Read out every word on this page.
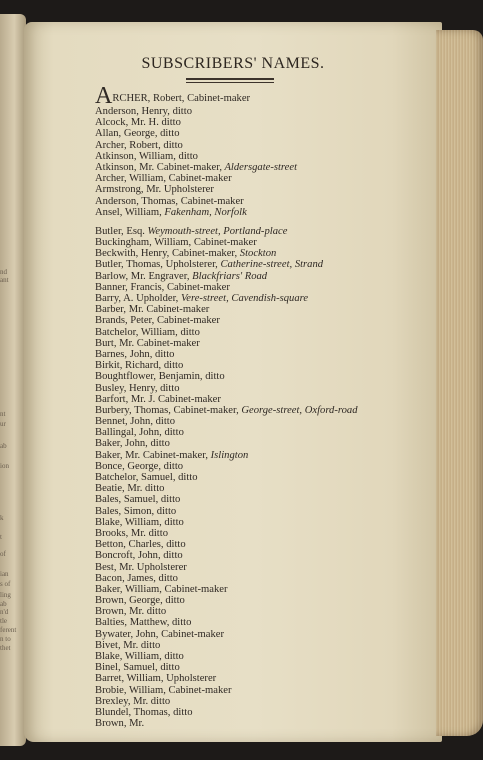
nd
ant
nt
ur
ab
ion
k
t
of
ian
s of
ling
ab
n'd
tle
ferent
n to
thet
SUBSCRIBERS' NAMES.
ARCHER, Robert, Cabinet-maker
Anderson, Henry, ditto
Alcock, Mr. H. ditto
Allan, George, ditto
Archer, Robert, ditto
Atkinson, William, ditto
Atkinson, Mr. Cabinet-maker, Aldersgate-street
Archer, William, Cabinet-maker
Armstrong, Mr. Upholsterer
Anderson, Thomas, Cabinet-maker
Ansel, William, Fakenham, Norfolk
Butler, Esq. Weymouth-street, Portland-place
Buckingham, William, Cabinet-maker
Beckwith, Henry, Cabinet-maker, Stockton
Butler, Thomas, Upholsterer, Catherine-street, Strand
Barlow, Mr. Engraver, Blackfriars' Road
Banner, Francis, Cabinet-maker
Barry, A. Upholder, Vere-street, Cavendish-square
Barber, Mr. Cabinet-maker
Brands, Peter, Cabinet-maker
Batchelor, William, ditto
Burt, Mr. Cabinet-maker
Barnes, John, ditto
Birkit, Richard, ditto
Boughtflower, Benjamin, ditto
Busley, Henry, ditto
Barfort, Mr. J. Cabinet-maker
Burbery, Thomas, Cabinet-maker, George-street, Oxford-road
Bennet, John, ditto
Ballingal, John, ditto
Baker, John, ditto
Baker, Mr. Cabinet-maker, Islington
Bonce, George, ditto
Batchelor, Samuel, ditto
Beatie, Mr. ditto
Bales, Samuel, ditto
Bales, Simon, ditto
Blake, William, ditto
Brooks, Mr. ditto
Betton, Charles, ditto
Boncroft, John, ditto
Best, Mr. Upholsterer
Bacon, James, ditto
Baker, William, Cabinet-maker
Brown, George, ditto
Brown, Mr. ditto
Balties, Matthew, ditto
Bywater, John, Cabinet-maker
Bivet, Mr. ditto
Blake, William, ditto
Binel, Samuel, ditto
Barret, William, Upholsterer
Brobie, William, Cabinet-maker
Brexley, Mr. ditto
Blundel, Thomas, ditto
Brown, Mr.
